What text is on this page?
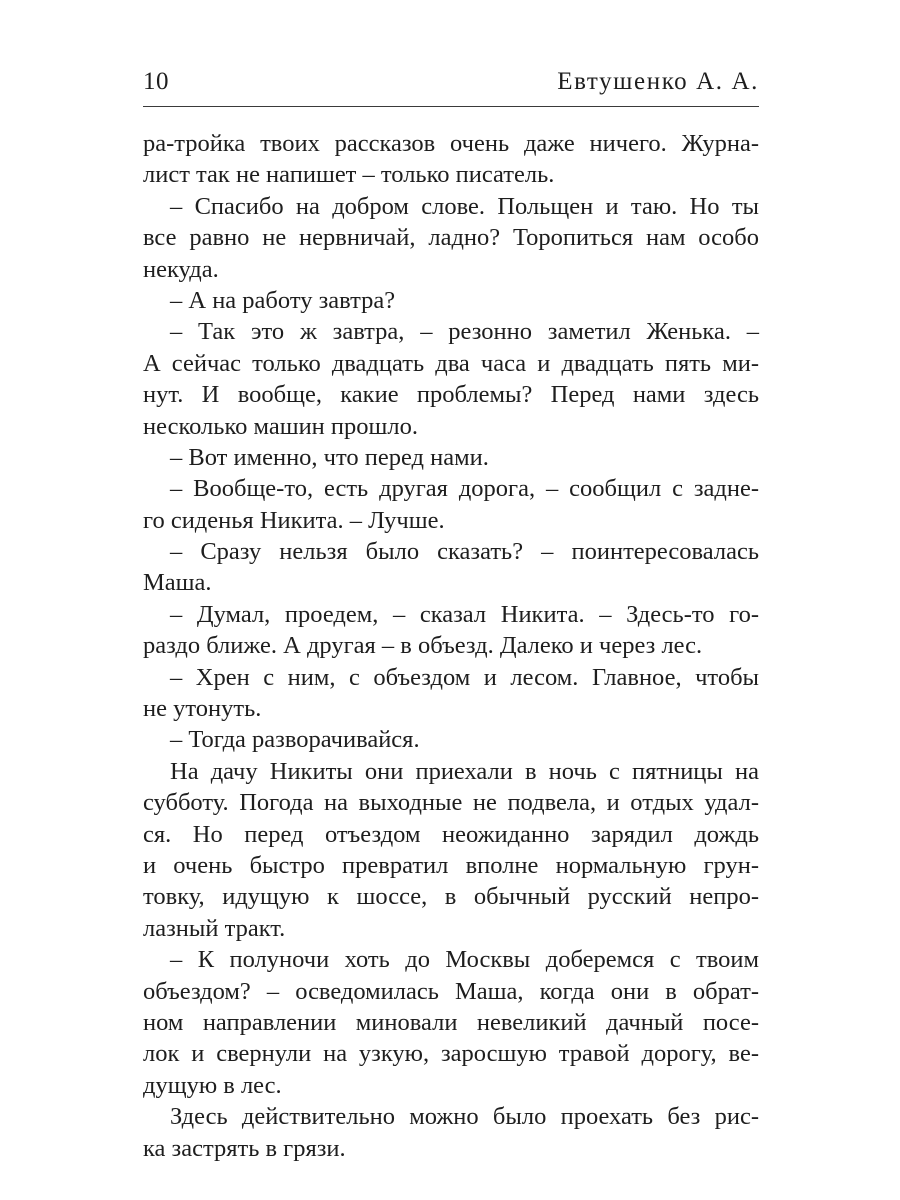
10	Евтушенко А. А.
ра-тройка твоих рассказов очень даже ничего. Журна-
лист так не напишет – только писатель.
– Спасибо на добром слове. Польщен и таю. Но ты
все равно не нервничай, ладно? Торопиться нам особо
некуда.
– А на работу завтра?
– Так это ж завтра, – резонно заметил Женька. –
А сейчас только двадцать два часа и двадцать пять ми-
нут. И вообще, какие проблемы? Перед нами здесь
несколько машин прошло.
– Вот именно, что перед нами.
– Вообще-то, есть другая дорога, – сообщил с задне-
го сиденья Никита. – Лучше.
– Сразу нельзя было сказать? – поинтересовалась
Маша.
– Думал, проедем, – сказал Никита. – Здесь-то го-
раздо ближе. А другая – в объезд. Далеко и через лес.
– Хрен с ним, с объездом и лесом. Главное, чтобы
не утонуть.
– Тогда разворачивайся.
На дачу Никиты они приехали в ночь с пятницы на
субботу. Погода на выходные не подвела, и отдых удал-
ся. Но перед отъездом неожиданно зарядил дождь
и очень быстро превратил вполне нормальную грун-
товку, идущую к шоссе, в обычный русский непро-
лазный тракт.
– К полуночи хоть до Москвы доберемся с твоим
объездом? – осведомилась Маша, когда они в обрат-
ном направлении миновали невеликий дачный посе-
лок и свернули на узкую, заросшую травой дорогу, ве-
дущую в лес.
Здесь действительно можно было проехать без рис-
ка застрять в грязи.
